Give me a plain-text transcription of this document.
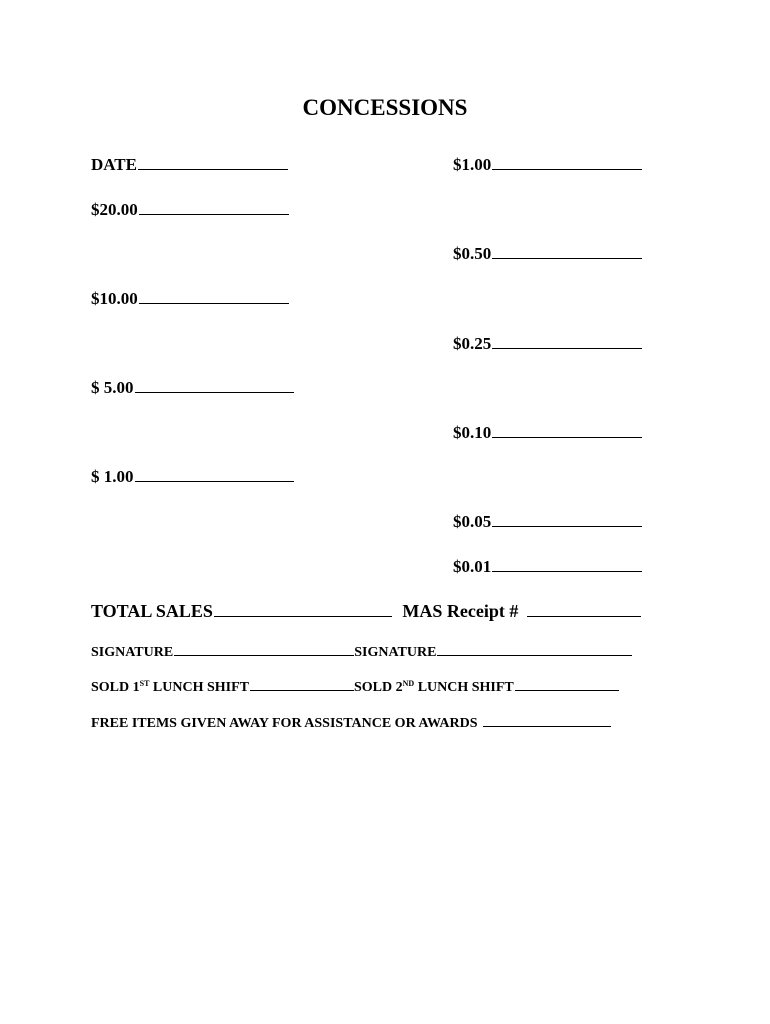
CONCESSIONS
DATE	$1.00
$20.00
$0.50
$10.00
$0.25
$ 5.00
$0.10
$ 1.00
$0.05
$0.01
TOTAL SALES	MAS Receipt #
SIGNATURE	SIGNATURE
SOLD 1ST LUNCH SHIFT	SOLD 2ND LUNCH SHIFT
FREE ITEMS GIVEN AWAY FOR ASSISTANCE OR AWARDS
